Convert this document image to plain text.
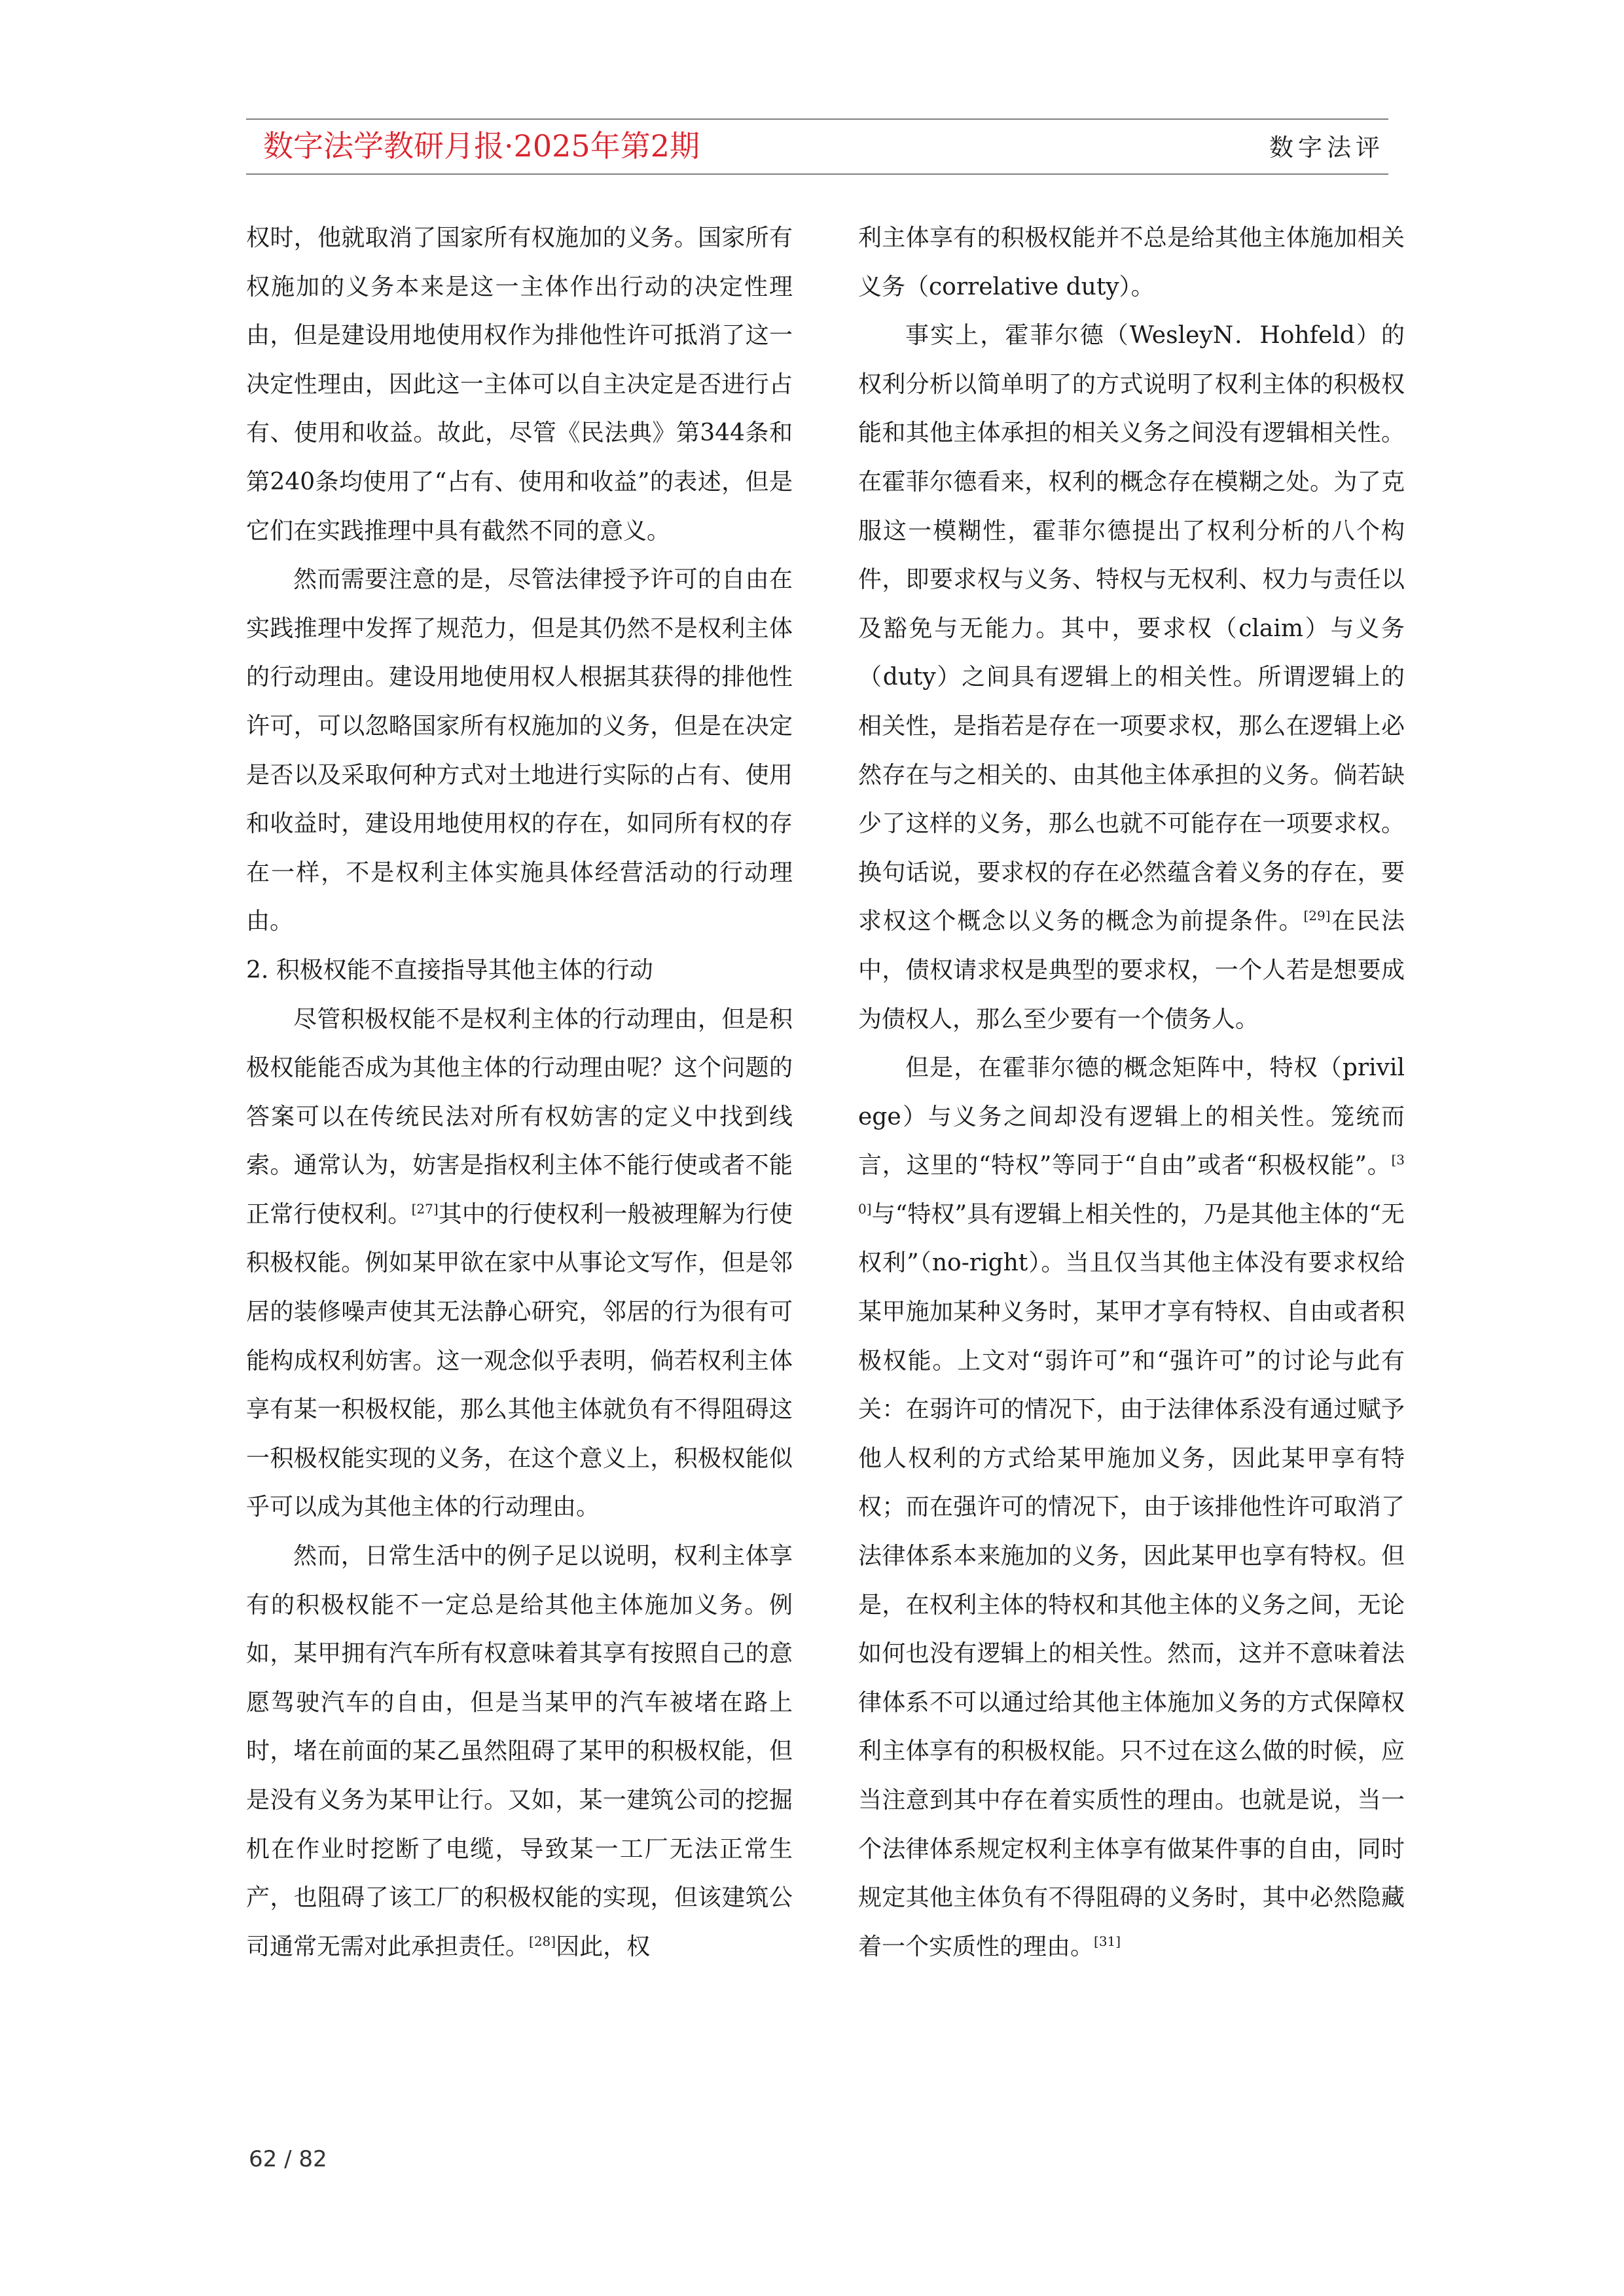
数字法学教研月报·2025年第2期	数字法评

权时，他就取消了国家所有权施加的义务。国家所有权施加的义务本来是这一主体作出行动的决定性理由，但是建设用地使用权作为排他性许可抵消了这一决定性理由，因此这一主体可以自主决定是否进行占有、使用和收益。故此，尽管《民法典》第344条和第240条均使用了“占有、使用和收益”的表述，但是它们在实践推理中具有截然不同的意义。

然而需要注意的是，尽管法律授予许可的自由在实践推理中发挥了规范力，但是其仍然不是权利主体的行动理由。建设用地使用权人根据其获得的排他性许可，可以忽略国家所有权施加的义务，但是在决定是否以及采取何种方式对土地进行实际的占有、使用和收益时，建设用地使用权的存在，如同所有权的存在一样，不是权利主体实施具体经营活动的行动理由。

2. 积极权能不直接指导其他主体的行动

尽管积极权能不是权利主体的行动理由，但是积极权能能否成为其他主体的行动理由呢？这个问题的答案可以在传统民法对所有权妨害的定义中找到线索。通常认为，妨害是指权利主体不能行使或者不能正常行使权利。[27]其中的行使权利一般被理解为行使积极权能。例如某甲欲在家中从事论文写作，但是邻居的装修噪声使其无法静心研究，邻居的行为很有可能构成权利妨害。这一观念似乎表明，倘若权利主体享有某一积极权能，那么其他主体就负有不得阻碍这一积极权能实现的义务，在这个意义上，积极权能似乎可以成为其他主体的行动理由。

然而，日常生活中的例子足以说明，权利主体享有的积极权能不一定总是给其他主体施加义务。例如，某甲拥有汽车所有权意味着其享有按照自己的意愿驾驶汽车的自由，但是当某甲的汽车被堵在路上时，堵在前面的某乙虽然阻碍了某甲的积极权能，但是没有义务为某甲让行。又如，某一建筑公司的挖掘机在作业时挖断了电缆，导致某一工厂无法正常生产，也阻碍了该工厂的积极权能的实现，但该建筑公司通常无需对此承担责任。[28]因此，权

利主体享有的积极权能并不总是给其他主体施加相关义务（correlative duty）。

事实上，霍菲尔德（WesleyN．Hohfeld）的权利分析以简单明了的方式说明了权利主体的积极权能和其他主体承担的相关义务之间没有逻辑相关性。在霍菲尔德看来，权利的概念存在模糊之处。为了克服这一模糊性，霍菲尔德提出了权利分析的八个构件，即要求权与义务、特权与无权利、权力与责任以及豁免与无能力。其中，要求权（claim）与义务（duty）之间具有逻辑上的相关性。所谓逻辑上的相关性，是指若是存在一项要求权，那么在逻辑上必然存在与之相关的、由其他主体承担的义务。倘若缺少了这样的义务，那么也就不可能存在一项要求权。换句话说，要求权的存在必然蕴含着义务的存在，要求权这个概念以义务的概念为前提条件。[29]在民法中，债权请求权是典型的要求权，一个人若是想要成为债权人，那么至少要有一个债务人。

但是，在霍菲尔德的概念矩阵中，特权（privilege）与义务之间却没有逻辑上的相关性。笼统而言，这里的“特权”等同于“自由”或者“积极权能”。[30]与“特权”具有逻辑上相关性的，乃是其他主体的“无权利”（no-right）。当且仅当其他主体没有要求权给某甲施加某种义务时，某甲才享有特权、自由或者积极权能。上文对“弱许可”和“强许可”的讨论与此有关：在弱许可的情况下，由于法律体系没有通过赋予他人权利的方式给某甲施加义务，因此某甲享有特权；而在强许可的情况下，由于该排他性许可取消了法律体系本来施加的义务，因此某甲也享有特权。但是，在权利主体的特权和其他主体的义务之间，无论如何也没有逻辑上的相关性。然而，这并不意味着法律体系不可以通过给其他主体施加义务的方式保障权利主体享有的积极权能。只不过在这么做的时候，应当注意到其中存在着实质性的理由。也就是说，当一个法律体系规定权利主体享有做某件事的自由，同时规定其他主体负有不得阻碍的义务时，其中必然隐藏着一个实质性的理由。[31]

62 / 82
